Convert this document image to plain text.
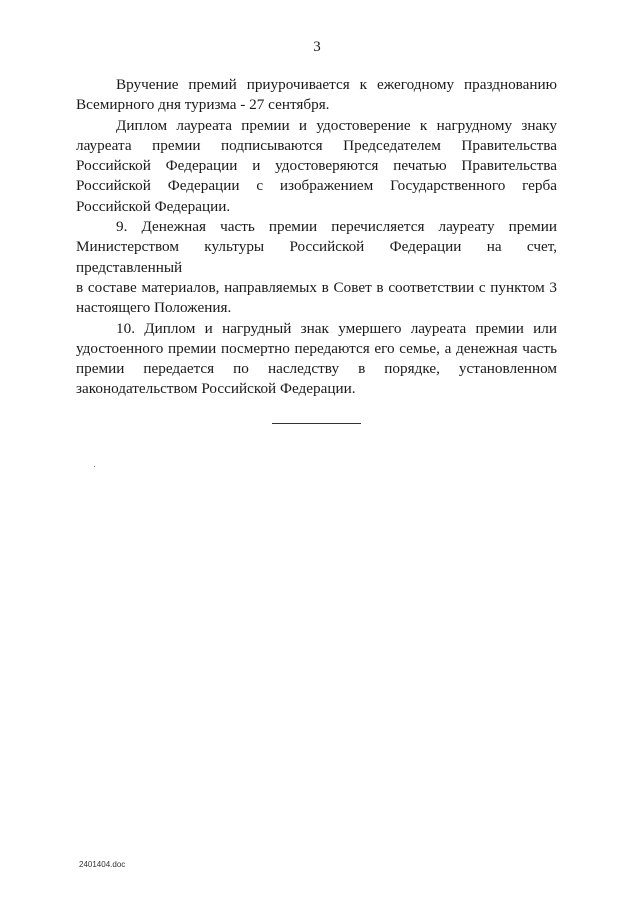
3

Вручение премий приурочивается к ежегодному празднованию
Всемирного дня туризма - 27 сентября.

Диплом лауреата премии и удостоверение к нагрудному знаку
лауреата премии подписываются Председателем Правительства
Российской Федерации и удостоверяются печатью Правительства
Российской Федерации с изображением Государственного герба
Российской Федерации.

9. Денежная часть премии перечисляется лауреату премии
Министерством культуры Российской Федерации на счет, представленный
в составе материалов, направляемых в Совет в соответствии с пунктом 3
настоящего Положения.

10. Диплом и нагрудный знак умершего лауреата премии или
удостоенного премии посмертно передаются его семье, а денежная часть
премии передается по наследству в порядке, установленном
законодательством Российской Федерации.

2401404.doc
